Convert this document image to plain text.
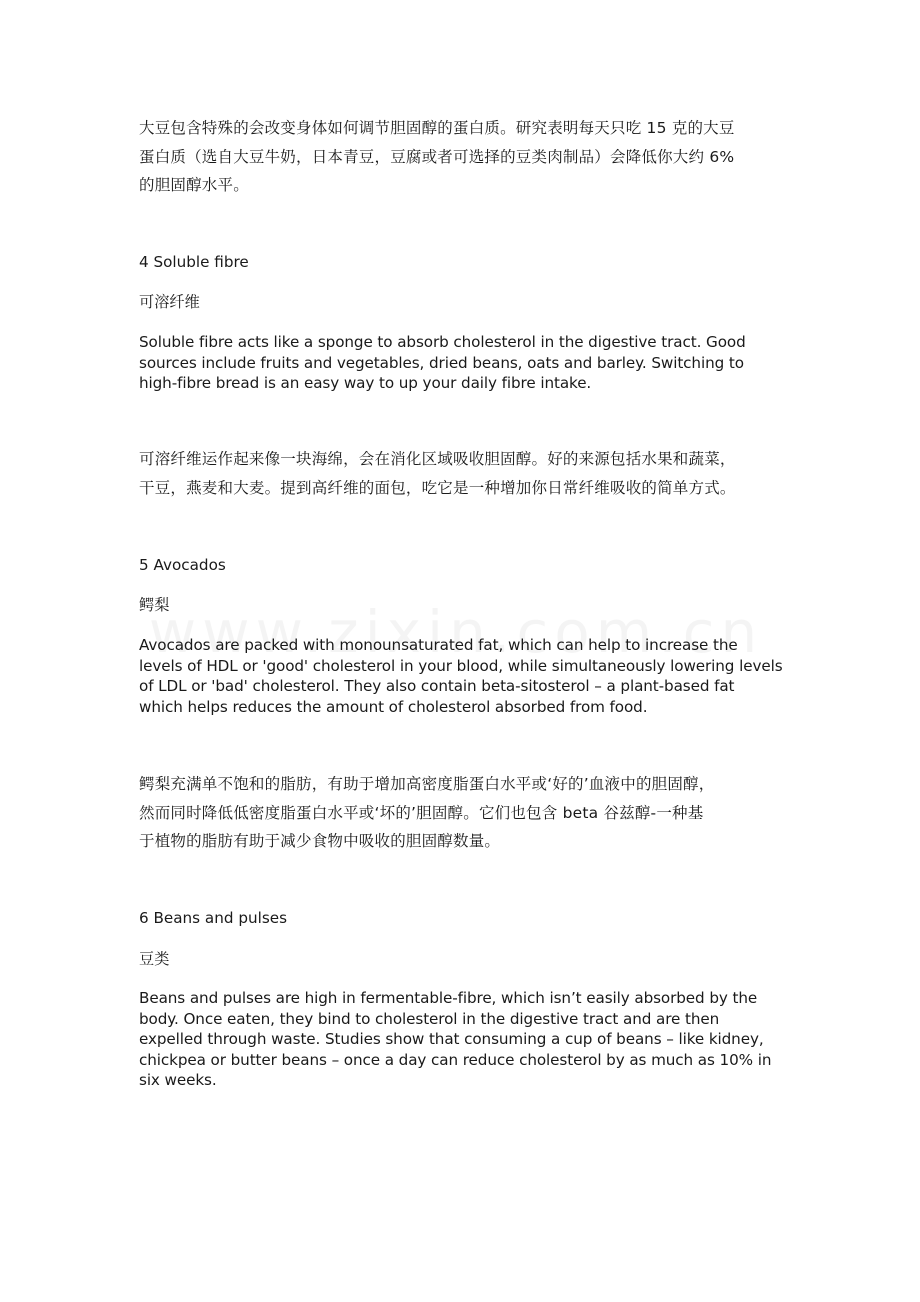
大豆包含特殊的会改变身体如何调节胆固醇的蛋白质。研究表明每天只吃 15 克的大豆
蛋白质（选自大豆牛奶，日本青豆，豆腐或者可选择的豆类肉制品）会降低你大约 6%
的胆固醇水平。

4 Soluble fibre

可溶纤维

Soluble fibre acts like a sponge to absorb cholesterol in the digestive tract. Good
sources include fruits and vegetables, dried beans, oats and barley. Switching to
high-fibre bread is an easy way to up your daily fibre intake.

可溶纤维运作起来像一块海绵，会在消化区域吸收胆固醇。好的来源包括水果和蔬菜，
干豆，燕麦和大麦。提到高纤维的面包，吃它是一种增加你日常纤维吸收的简单方式。

5 Avocados

鳄梨

Avocados are packed with monounsaturated fat, which can help to increase the
levels of HDL or 'good' cholesterol in your blood, while simultaneously lowering levels
of LDL or 'bad' cholesterol. They also contain beta-sitosterol – a plant-based fat
which helps reduces the amount of cholesterol absorbed from food.

鳄梨充满单不饱和的脂肪，有助于增加高密度脂蛋白水平或‘好的’血液中的胆固醇，
然而同时降低低密度脂蛋白水平或‘坏的’胆固醇。它们也包含 beta 谷兹醇-一种基
于植物的脂肪有助于减少食物中吸收的胆固醇数量。

6 Beans and pulses

豆类

Beans and pulses are high in fermentable-fibre, which isn’t easily absorbed by the
body. Once eaten, they bind to cholesterol in the digestive tract and are then
expelled through waste. Studies show that consuming a cup of beans – like kidney,
chickpea or butter beans – once a day can reduce cholesterol by as much as 10% in
six weeks.
